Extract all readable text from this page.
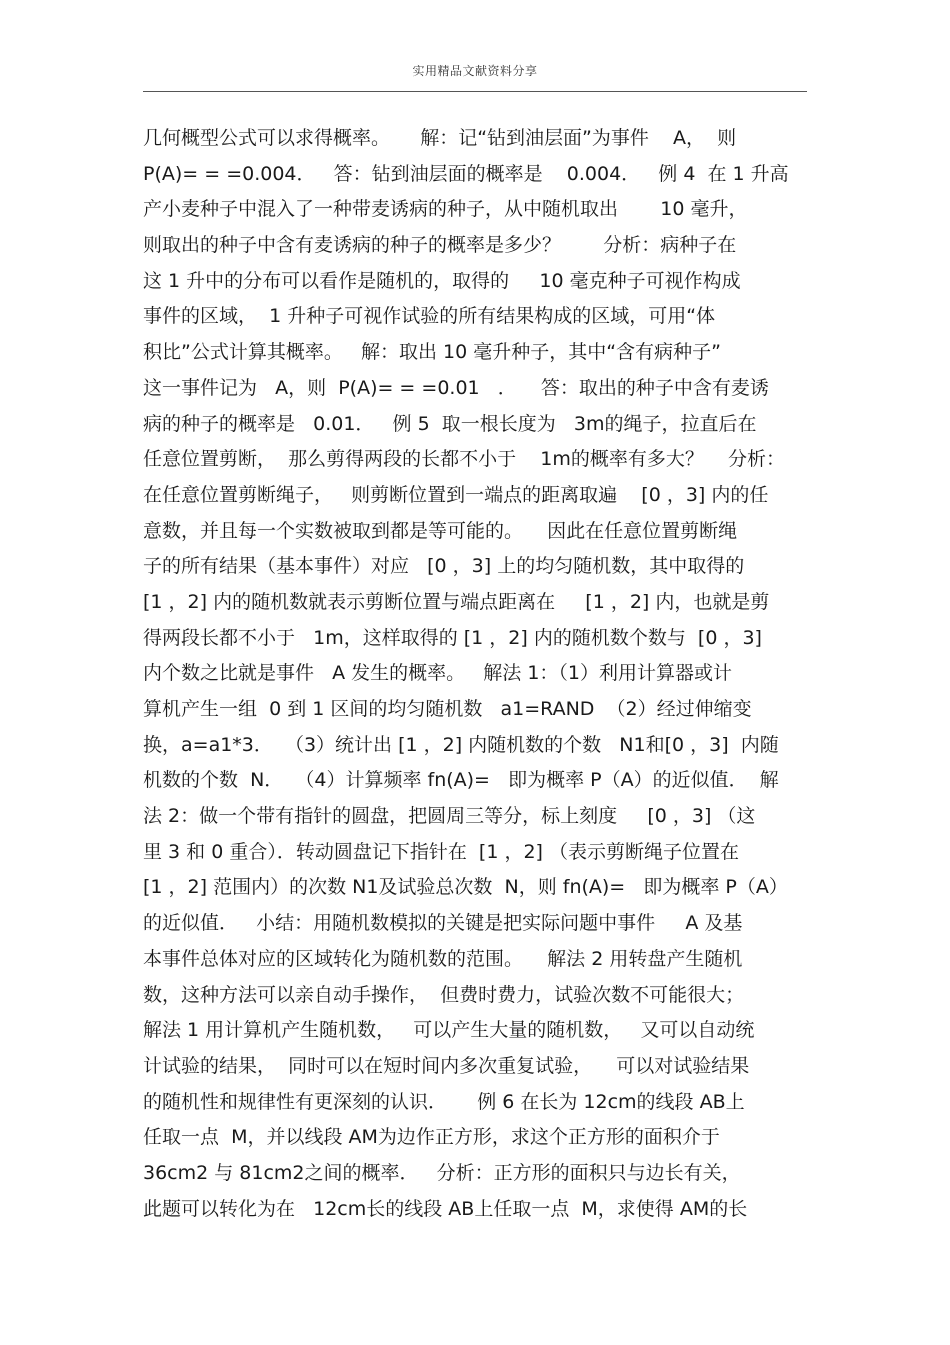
实用精品文献资料分享
几何概型公式可以求得概率。     解：记“钻到油层面”为事件    A，  则
P(A)= = =0.004．   答：钻到油层面的概率是    0.004．   例 4  在 1 升高
产小麦种子中混入了一种带麦诱病的种子，从中随机取出       10 毫升，
则取出的种子中含有麦诱病的种子的概率是多少？       分析：病种子在
这 1 升中的分布可以看作是随机的，取得的     10 毫克种子可视作构成
事件的区域，  1 升种子可视作试验的所有结果构成的区域，可用“体
积比”公式计算其概率。   解：取出 10 毫升种子，其中“含有病种子”
这一事件记为   A，则  P(A)= = =0.01   ．    答：取出的种子中含有麦诱
病的种子的概率是   0.01．   例 5  取一根长度为   3m的绳子，拉直后在
任意位置剪断，  那么剪得两段的长都不小于    1m的概率有多大？    分析：
在任意位置剪断绳子，   则剪断位置到一端点的距离取遍    [0 ，3] 内的任
意数，并且每一个实数被取到都是等可能的。    因此在任意位置剪断绳
子的所有结果（基本事件）对应   [0 ，3] 上的均匀随机数，其中取得的
[1 ，2] 内的随机数就表示剪断位置与端点距离在     [1 ，2] 内，也就是剪
得两段长都不小于   1m，这样取得的 [1 ，2] 内的随机数个数与  [0 ，3]
内个数之比就是事件   A 发生的概率。   解法 1：（1）利用计算器或计
算机产生一组  0 到 1 区间的均匀随机数   a1=RAND  （2）经过伸缩变
换，a=a1*3．  （3）统计出 [1 ，2] 内随机数的个数   N1和[0 ，3]  内随
机数的个数  N．  （4）计算频率 fn(A)=   即为概率 P（A）的近似值．  解
法 2：做一个带有指针的圆盘，把圆周三等分，标上刻度     [0 ，3] （这
里 3 和 0 重合）．转动圆盘记下指针在  [1 ，2] （表示剪断绳子位置在
[1 ，2] 范围内）的次数 N1及试验总次数  N，则 fn(A)=   即为概率 P（A）
的近似值．   小结：用随机数模拟的关键是把实际问题中事件     A 及基
本事件总体对应的区域转化为随机数的范围。    解法 2 用转盘产生随机
数，这种方法可以亲自动手操作，  但费时费力，试验次数不可能很大；
解法 1 用计算机产生随机数，   可以产生大量的随机数，   又可以自动统
计试验的结果，  同时可以在短时间内多次重复试验，    可以对试验结果
的随机性和规律性有更深刻的认识．     例 6 在长为 12cm的线段 AB上
任取一点  M，并以线段 AM为边作正方形，求这个正方形的面积介于
36cm2 与 81cm2之间的概率．   分析：正方形的面积只与边长有关，
此题可以转化为在   12cm长的线段 AB上任取一点  M，求使得 AM的长
